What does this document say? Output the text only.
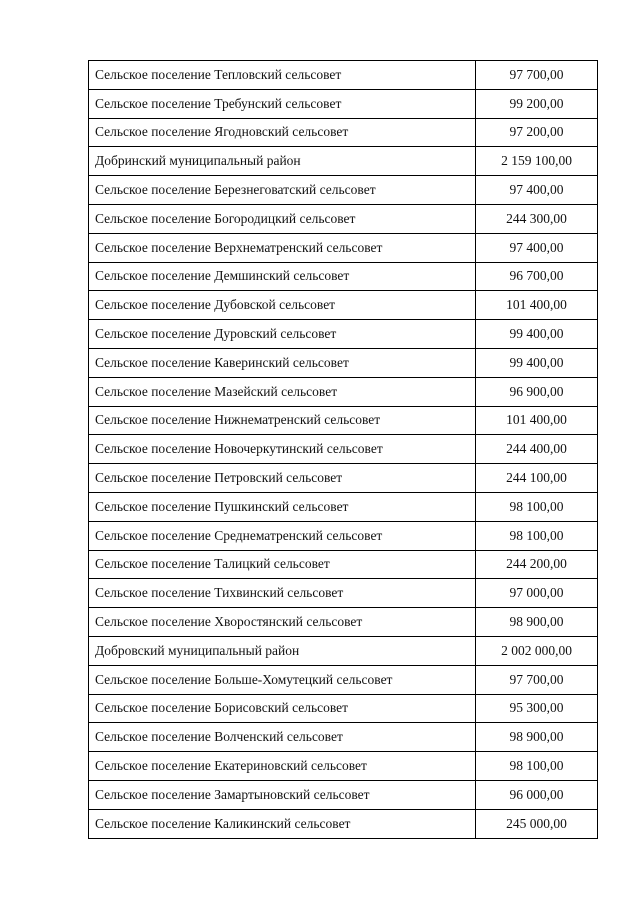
Сельское поселение Тепловский сельсовет	97 700,00
Сельское поселение Требунский сельсовет	99 200,00
Сельское поселение Ягодновский сельсовет	97 200,00
Добринский муниципальный район	2 159 100,00
Сельское поселение Березнеговатский сельсовет	97 400,00
Сельское поселение Богородицкий сельсовет	244 300,00
Сельское поселение Верхнематренский сельсовет	97 400,00
Сельское поселение Демшинский сельсовет	96 700,00
Сельское поселение Дубовской сельсовет	101 400,00
Сельское поселение Дуровский сельсовет	99 400,00
Сельское поселение Каверинский сельсовет	99 400,00
Сельское поселение Мазейский сельсовет	96 900,00
Сельское поселение Нижнематренский сельсовет	101 400,00
Сельское поселение Новочеркутинский сельсовет	244 400,00
Сельское поселение Петровский сельсовет	244 100,00
Сельское поселение Пушкинский сельсовет	98 100,00
Сельское поселение Среднематренский сельсовет	98 100,00
Сельское поселение Талицкий сельсовет	244 200,00
Сельское поселение Тихвинский сельсовет	97 000,00
Сельское поселение Хворостянский сельсовет	98 900,00
Добровский муниципальный район	2 002 000,00
Сельское поселение Больше-Хомутецкий сельсовет	97 700,00
Сельское поселение Борисовский сельсовет	95 300,00
Сельское поселение Волченский сельсовет	98 900,00
Сельское поселение Екатериновский сельсовет	98 100,00
Сельское поселение Замартыновский сельсовет	96 000,00
Сельское поселение Каликинский сельсовет	245 000,00
